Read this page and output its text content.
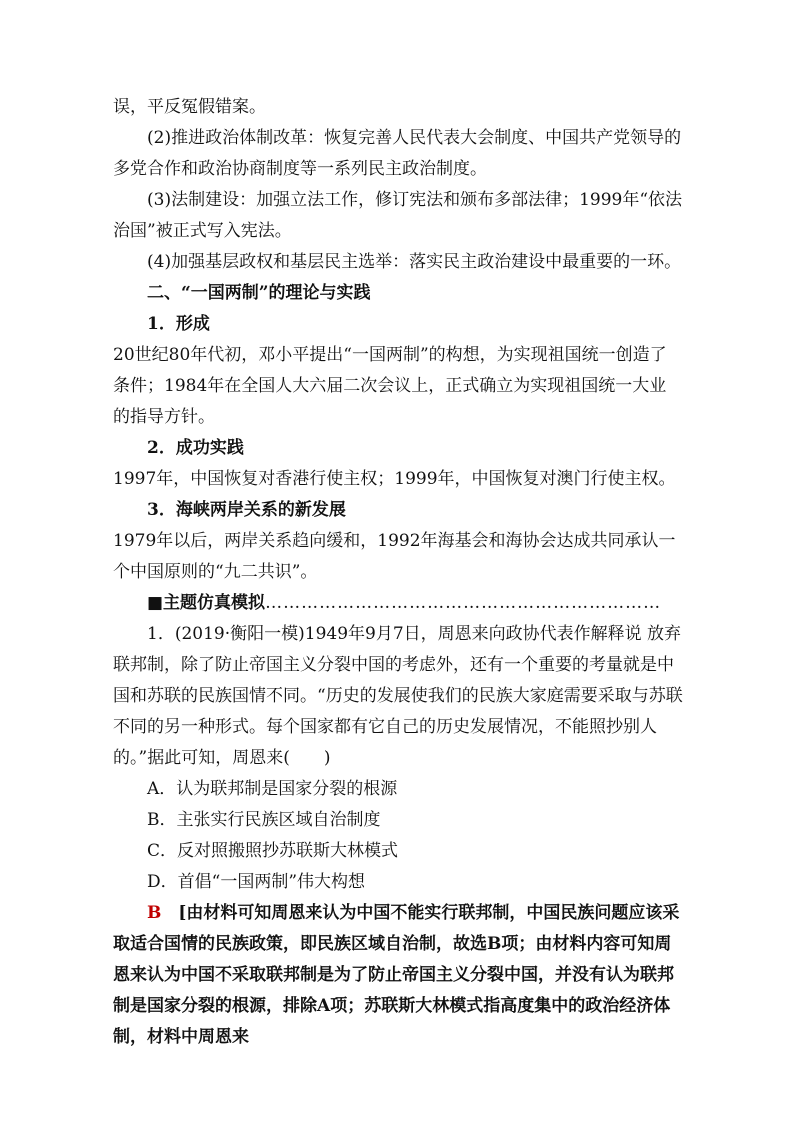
误，平反冤假错案。

(2)推进政治体制改革：恢复完善人民代表大会制度、中国共产党领导的多党合作和政治协商制度等一系列民主政治制度。

(3)法制建设：加强立法工作，修订宪法和颁布多部法律；1999年“依法治国”被正式写入宪法。

(4)加强基层政权和基层民主选举：落实民主政治建设中最重要的一环。

二、“一国两制”的理论与实践

1．形成

20世纪80年代初，邓小平提出“一国两制”的构想，为实现祖国统一创造了条件；1984年在全国人大六届二次会议上，正式确立为实现祖国统一大业的指导方针。

2．成功实践

1997年，中国恢复对香港行使主权；1999年，中国恢复对澳门行使主权。

3．海峡两岸关系的新发展

1979年以后，两岸关系趋向缓和，1992年海基会和海协会达成共同承认一个中国原则的“九二共识”。

■主题仿真模拟…………………………………………………………

1．(2019·衡阳一模)1949年9月7日，周恩来向政协代表作解释说 放弃联邦制，除了防止帝国主义分裂中国的考虑外，还有一个重要的考量就是中国和苏联的民族国情不同。“历史的发展使我们的民族大家庭需要采取与苏联不同的另一种形式。每个国家都有它自己的历史发展情况，不能照抄别人的。”据此可知，周恩来(　　)

A．认为联邦制是国家分裂的根源

B．主张实行民族区域自治制度

C．反对照搬照抄苏联斯大林模式

D．首倡“一国两制”伟大构想

B　[由材料可知周恩来认为中国不能实行联邦制，中国民族问题应该采取适合国情的民族政策，即民族区域自治制，故选B项；由材料内容可知周恩来认为中国不采取联邦制是为了防止帝国主义分裂中国，并没有认为联邦制是国家分裂的根源，排除A项；苏联斯大林模式指高度集中的政治经济体制，材料中周恩来
